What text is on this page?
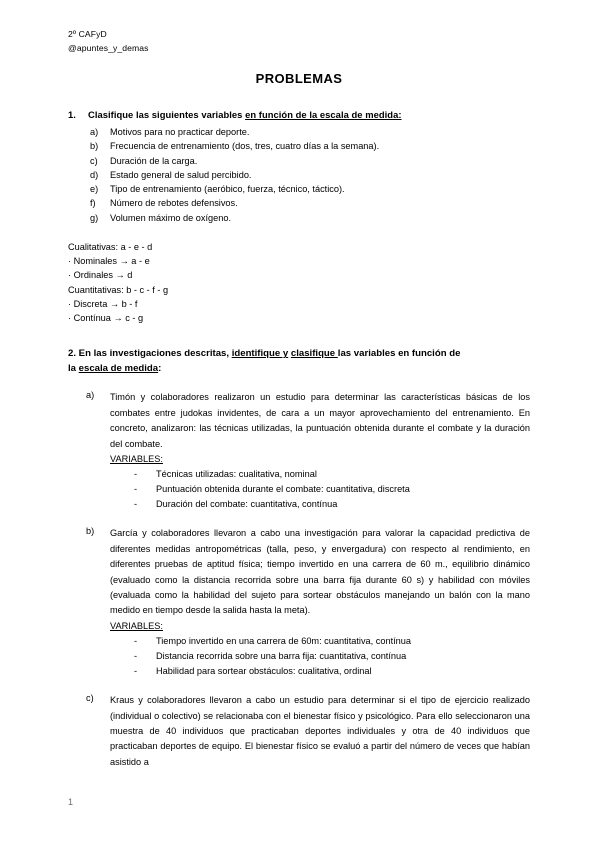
2º CAFyD
@apuntes_y_demas
PROBLEMAS
1.	Clasifique las siguientes variables en función de la escala de medida:
a)	Motivos para no practicar deporte.
b)	Frecuencia de entrenamiento (dos, tres, cuatro días a la semana).
c)	Duración de la carga.
d)	Estado general de salud percibido.
e)	Tipo de entrenamiento (aeróbico, fuerza, técnico, táctico).
f)	Número de rebotes defensivos.
g)	Volumen máximo de oxígeno.
Cualitativas: a - e - d
· Nominales → a - e
· Ordinales → d
Cuantitativas: b - c - f - g
· Discreta → b - f
· Contínua → c - g
2. En las investigaciones descritas, identifique y clasifique las variables en función de
la escala de medida:
a)	Timón y colaboradores realizaron un estudio para determinar las características básicas de los combates entre judokas invidentes, de cara a un mayor aprovechamiento del entrenamiento. En concreto, analizaron: las técnicas utilizadas, la puntuación obtenida durante el combate y la duración del combate.

VARIABLES:
-	Técnicas utilizadas: cualitativa, nominal
-	Puntuación obtenida durante el combate: cuantitativa, discreta
-	Duración del combate: cuantitativa, contínua
b)	García y colaboradores llevaron a cabo una investigación para valorar la capacidad predictiva de diferentes medidas antropométricas (talla, peso, y envergadura) con respecto al rendimiento, en diferentes pruebas de aptitud física; tiempo invertido en una carrera de 60 m., equilibrio dinámico (evaluado como la distancia recorrida sobre una barra fija durante 60 s) y habilidad con móviles (evaluada como la habilidad del sujeto para sortear obstáculos manejando un balón con la mano medido en tiempo desde la salida hasta la meta).

VARIABLES:
-	Tiempo invertido en una carrera de 60m: cuantitativa, contínua
-	Distancia recorrida sobre una barra fija: cuantitativa, contínua
-	Habilidad para sortear obstáculos: cualitativa, ordinal
c)	Kraus y colaboradores llevaron a cabo un estudio para determinar si el tipo de ejercicio realizado (individual o colectivo) se relacionaba con el bienestar físico y psicológico. Para ello seleccionaron una muestra de 40 individuos que practicaban deportes individuales y otra de 40 individuos que practicaban deportes de equipo. El bienestar físico se evaluó a partir del número de veces que habían asistido a

1
